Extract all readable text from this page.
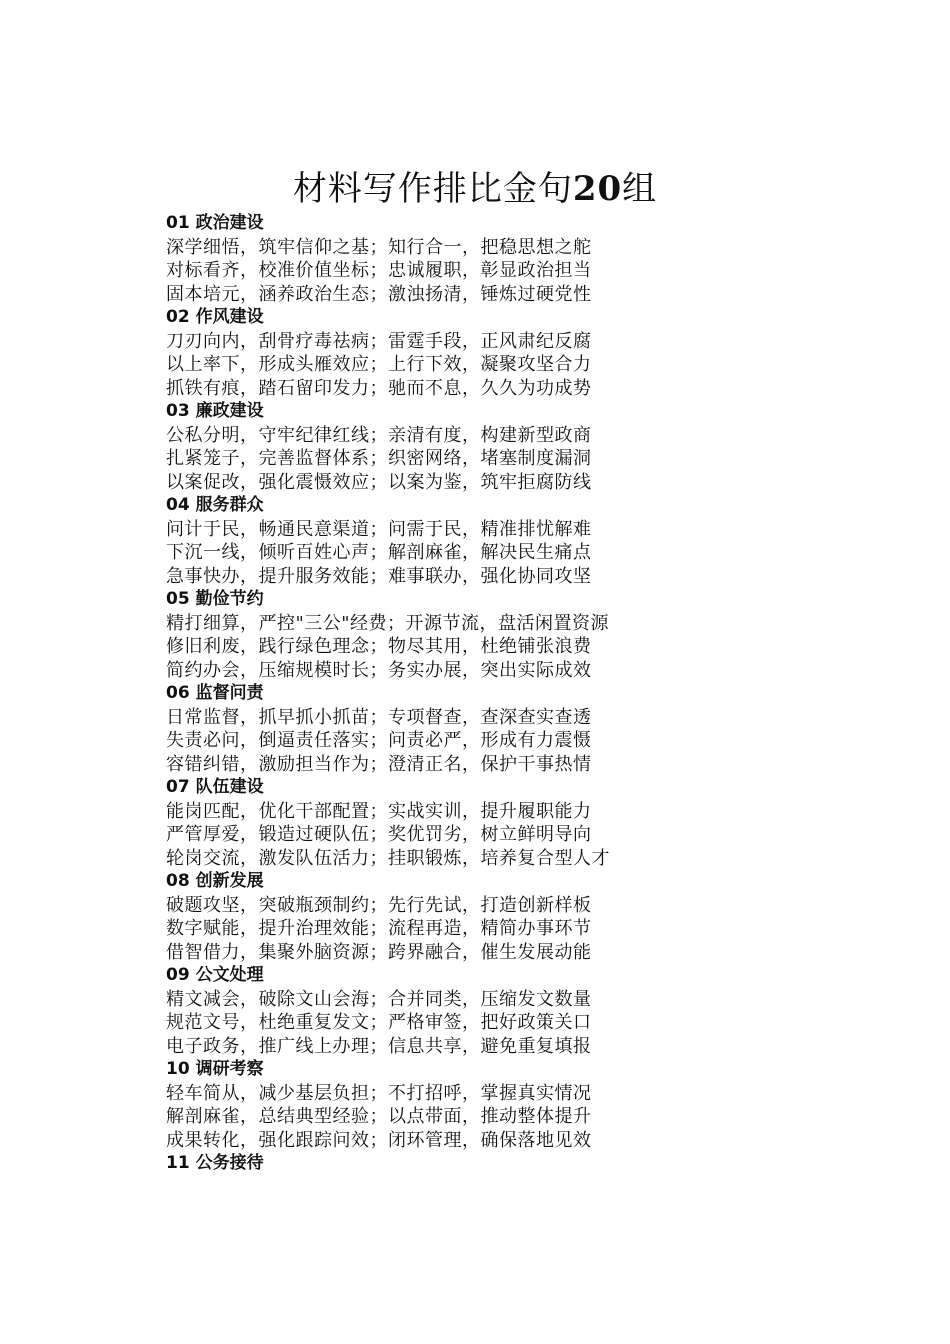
材料写作排比金句20组
01 政治建设
深学细悟，筑牢信仰之基；知行合一，把稳思想之舵
对标看齐，校准价值坐标；忠诚履职，彰显政治担当
固本培元，涵养政治生态；激浊扬清，锤炼过硬党性
02 作风建设
刀刃向内，刮骨疗毒祛病；雷霆手段，正风肃纪反腐
以上率下，形成头雁效应；上行下效，凝聚攻坚合力
抓铁有痕，踏石留印发力；驰而不息，久久为功成势
03 廉政建设
公私分明，守牢纪律红线；亲清有度，构建新型政商
扎紧笼子，完善监督体系；织密网络，堵塞制度漏洞
以案促改，强化震慑效应；以案为鉴，筑牢拒腐防线
04 服务群众
问计于民，畅通民意渠道；问需于民，精准排忧解难
下沉一线，倾听百姓心声；解剖麻雀，解决民生痛点
急事快办，提升服务效能；难事联办，强化协同攻坚
05 勤俭节约
精打细算，严控"三公"经费；开源节流，盘活闲置资源
修旧利废，践行绿色理念；物尽其用，杜绝铺张浪费
简约办会，压缩规模时长；务实办展，突出实际成效
06 监督问责
日常监督，抓早抓小抓苗；专项督查，查深查实查透
失责必问，倒逼责任落实；问责必严，形成有力震慑
容错纠错，激励担当作为；澄清正名，保护干事热情
07 队伍建设
能岗匹配，优化干部配置；实战实训，提升履职能力
严管厚爱，锻造过硬队伍；奖优罚劣，树立鲜明导向
轮岗交流，激发队伍活力；挂职锻炼，培养复合型人才
08 创新发展
破题攻坚，突破瓶颈制约；先行先试，打造创新样板
数字赋能，提升治理效能；流程再造，精简办事环节
借智借力，集聚外脑资源；跨界融合，催生发展动能
09 公文处理
精文减会，破除文山会海；合并同类，压缩发文数量
规范文号，杜绝重复发文；严格审签，把好政策关口
电子政务，推广线上办理；信息共享，避免重复填报
10 调研考察
轻车简从，减少基层负担；不打招呼，掌握真实情况
解剖麻雀，总结典型经验；以点带面，推动整体提升
成果转化，强化跟踪问效；闭环管理，确保落地见效
11 公务接待
